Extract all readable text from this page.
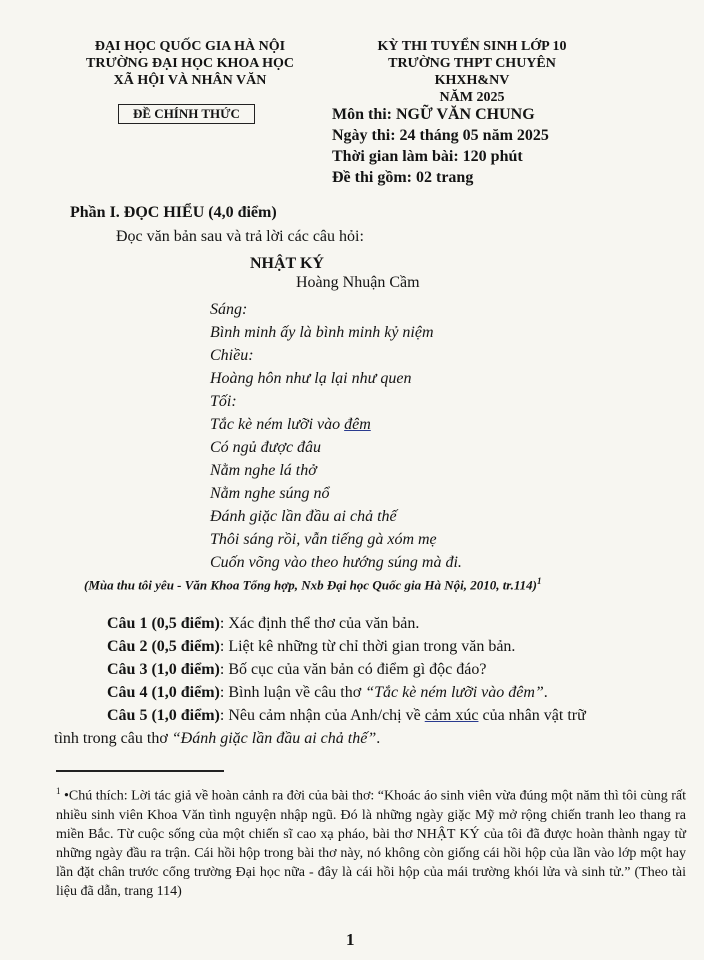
ĐẠI HỌC QUỐC GIA HÀ NỘI
TRƯỜNG ĐẠI HỌC KHOA HỌC
XÃ HỘI VÀ NHÂN VĂN
KỲ THI TUYỂN SINH LỚP 10
TRƯỜNG THPT CHUYÊN KHXH&NV
NĂM 2025
ĐỀ CHÍNH THỨC	Môn thi: NGỮ VĂN CHUNG
Ngày thi: 24 tháng 05 năm 2025
Thời gian làm bài: 120 phút
Đề thi gồm: 02 trang
Phần I. ĐỌC HIỂU (4,0 điểm)
Đọc văn bản sau và trả lời các câu hỏi:
NHẬT KÝ
Hoàng Nhuận Cầm

Sáng:

Bình minh ấy là bình minh kỷ niệm

Chiều:

Hoàng hôn như lạ lại như quen

Tối:

Tắc kè ném lưỡi vào đêm

Có ngủ được đâu

Nằm nghe lá thở

Nằm nghe súng nổ

Đánh giặc lần đầu ai chả thế

Thôi sáng rồi, vẫn tiếng gà xóm mẹ

Cuốn võng vào theo hướng súng mà đi.

(Mùa thu tôi yêu - Văn Khoa Tổng hợp, Nxb Đại học Quốc gia Hà Nội, 2010, tr.114)$^1$
Câu 1 (0,5 điểm): Xác định thể thơ của văn bản.
Câu 2 (0,5 điểm): Liệt kê những từ chỉ thời gian trong văn bản.
Câu 3 (1,0 điểm): Bố cục của văn bản có điểm gì độc đáo?
Câu 4 (1,0 điểm): Bình luận về câu thơ “Tắc kè ném lưỡi vào đêm”.
Câu 5 (1,0 điểm): Nêu cảm nhận của Anh/chị về cảm xúc của nhân vật trữ
tình trong câu thơ “Đánh giặc lần đầu ai chả thế”.
$^1$ •Chú thích: Lời tác giả về hoàn cảnh ra đời của bài thơ: “Khoác áo sinh viên vừa đúng một năm thì tôi cùng rất nhiều sinh viên Khoa Văn tình nguyện nhập ngũ. Đó là những ngày giặc Mỹ mở rộng chiến tranh leo thang ra miền Bắc. Từ cuộc sống của một chiến sĩ cao xạ pháo, bài thơ NHẬT KÝ của tôi đã được hoàn thành ngay từ những ngày đầu ra trận. Cái hồi hộp trong bài thơ này, nó không còn giống cái hồi hộp của lần vào lớp một hay lần đặt chân trước cổng trường Đại học nữa - đây là cái hồi hộp của mái trường khói lửa và sinh tử.” (Theo tài liệu đã dẫn, trang 114)
1
